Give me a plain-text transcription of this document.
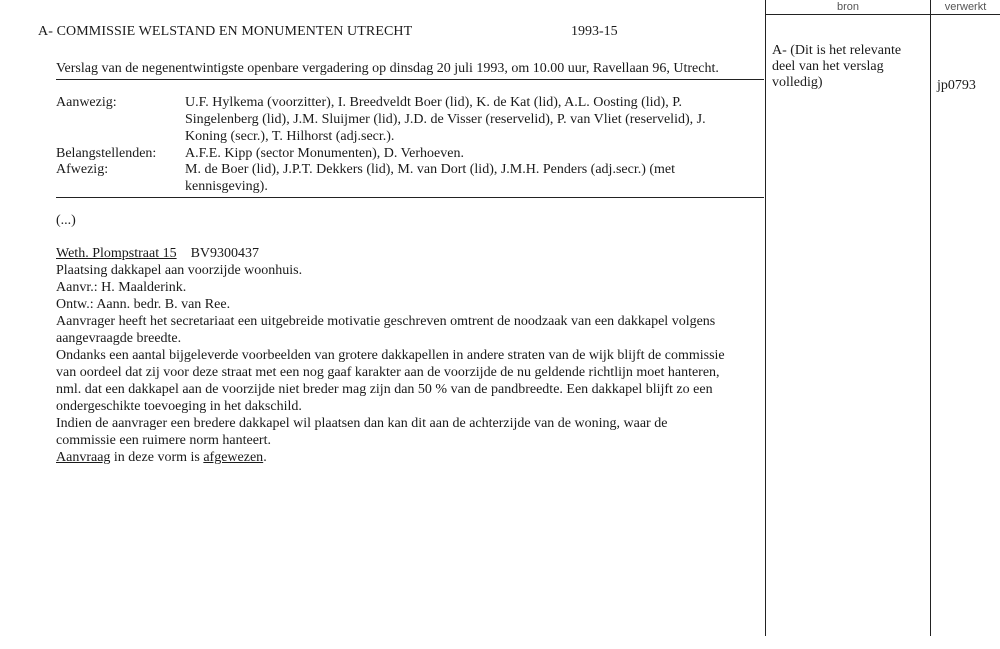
bron	verwerkt
A- COMMISSIE WELSTAND EN MONUMENTEN UTRECHT	1993-15
Verslag van de negenentwintigste openbare vergadering op dinsdag 20 juli 1993, om 10.00 uur, Ravellaan 96, Utrecht.
Aanwezig:	U.F. Hylkema (voorzitter), I. Breedveldt Boer (lid), K. de Kat (lid), A.L. Oosting (lid), P.
Singelenberg (lid), J.M. Sluijmer (lid), J.D. de Visser (reservelid), P. van Vliet (reservelid), J.
Koning (secr.), T. Hilhorst (adj.secr.).
Belangstellenden: A.F.E. Kipp (sector Monumenten), D. Verhoeven.
Afwezig:	M. de Boer (lid), J.P.T. Dekkers (lid), M. van Dort (lid), J.M.H. Penders (adj.secr.) (met
kennisgeving).
(...)

Weth. Plompstraat 15 BV9300437

Plaatsing dakkapel aan voorzijde woonhuis.

Aanvr.: H. Maalderink.

Ontw.: Aann. bedr. B. van Ree.

Aanvrager heeft het secretariaat een uitgebreide motivatie geschreven omtrent de noodzaak van een dakkapel volgens

aangevraagde breedte.

Ondanks een aantal bijgeleverde voorbeelden van grotere dakkapellen in andere straten van de wijk blijft de commissie

van oordeel dat zij voor deze straat met een nog gaaf karakter aan de voorzijde de nu geldende richtlijn moet hanteren,

nml. dat een dakkapel aan de voorzijde niet breder mag zijn dan 50 % van de pandbreedte. Een dakkapel blijft zo een

ondergeschikte toevoeging in het dakschild.

Indien de aanvrager een bredere dakkapel wil plaatsen dan kan dit aan de achterzijde van de woning, waar de

commissie een ruimere norm hanteert.

Aanvraag in deze vorm is afgewezen.

A- (Dit is het relevante
deel van het verslag
volledig)	jp0793
